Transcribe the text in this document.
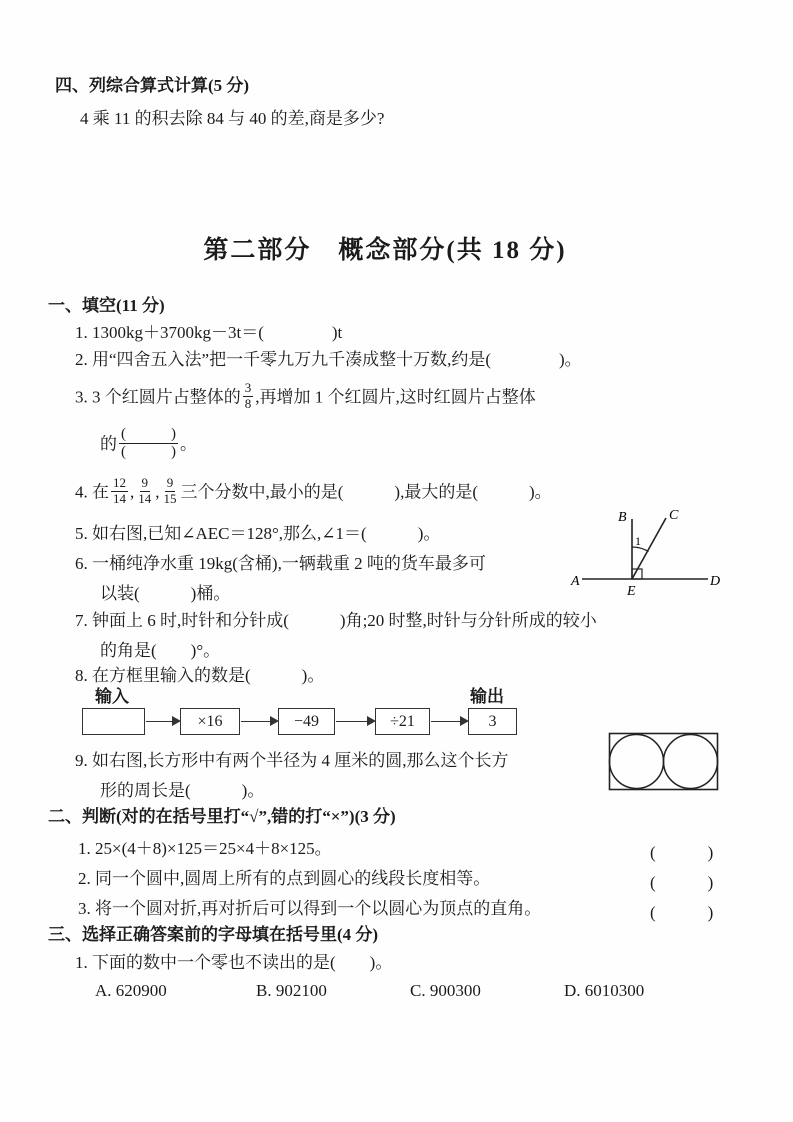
四、列综合算式计算(5 分)
4 乘 11 的积去除 84 与 40 的差,商是多少?
第二部分　概念部分(共 18 分)
一、填空(11 分)
1. 1300kg＋3700kg－3t＝(　　　　)t
2. 用“四舍五入法”把一千零九万九千凑成整十万数,约是(　　　　)。
3. 3 个红圆片占整体的 $\frac{3}{8}$ ,再增加 1 个红圆片,这时红圆片占整体
的 $\frac{( )}{( )}$ 。
4. 在 $\frac{12}{14}$ , $\frac{9}{14}$ , $\frac{9}{15}$ 三个分数中,最小的是(　　　),最大的是(　　　)。
5. 如右图,已知∠AEC＝128°,那么,∠1＝(　　　)。
6. 一桶纯净水重 19kg(含桶),一辆载重 2 吨的货车最多可
以装(　　　)桶。
7. 钟面上 6 时,时针和分针成(　　　)角;20 时整,时针与分针所成的较小
的角是(　　)°。
8. 在方框里输入的数是(　　　)。
A
B	C
D
E
1
输入	输出
×16	−49	÷21	3
9. 如右图,长方形中有两个半径为 4 厘米的圆,那么这个长方
形的周长是(　　　)。
二、判断(对的在括号里打“√”,错的打“×”)(3 分)
1. 25×(4＋8)×125＝25×4＋8×125。	(　　)
2. 同一个圆中,圆周上所有的点到圆心的线段长度相等。	(　　)
3. 将一个圆对折,再对折后可以得到一个以圆心为顶点的直角。	(　　)
三、选择正确答案前的字母填在括号里(4 分)
1. 下面的数中一个零也不读出的是(　　)。
A. 620900	B. 902100	C. 900300	D. 6010300
